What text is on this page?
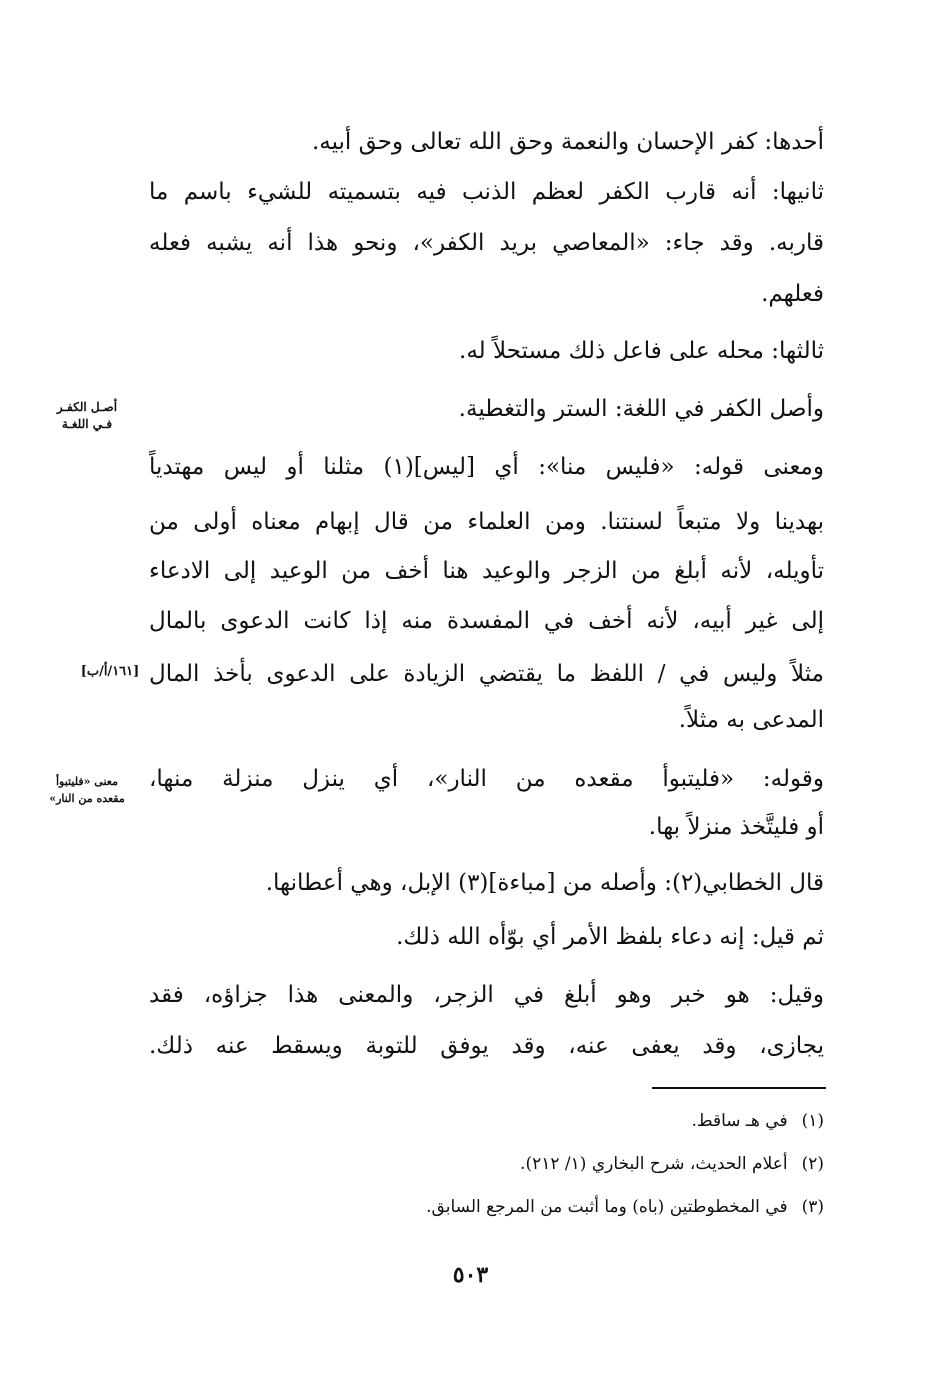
أحدها: كفر الإحسان والنعمة وحق الله تعالى وحق أبيه.
ثانيها: أنه قارب الكفر لعظم الذنب فيه بتسميته للشيء باسم ما
قاربه. وقد جاء: «المعاصي بريد الكفر»، ونحو هذا أنه يشبه فعله
فعلهم.
ثالثها: محله على فاعل ذلك مستحلاً له.
وأصل الكفر في اللغة: الستر والتغطية.
ومعنى قوله: «فليس منا»: أي [ليس](١) مثلنا أو ليس مهتدياً
بهدينا ولا متبعاً لسنتنا. ومن العلماء من قال إبهام معناه أولى من
تأويله، لأنه أبلغ من الزجر والوعيد هنا أخف من الوعيد إلى الادعاء
إلى غير أبيه، لأنه أخف في المفسدة منه إذا كانت الدعوى بالمال
مثلاً وليس في / اللفظ ما يقتضي الزيادة على الدعوى بأخذ المال
المدعى به مثلاً.
وقوله: «فليتبوأ مقعده من النار»، أي ينزل منزلة منها،
أو فليتَّخذ منزلاً بها.
قال الخطابي(٢): وأصله من [مباءة](٣) الإبل، وهي أعطانها.
ثم قيل: إنه دعاء بلفظ الأمر أي بوّأه الله ذلك.
وقيل: هو خبر وهو أبلغ في الزجر، والمعنى هذا جزاؤه، فقد
يجازى، وقد يعفى عنه، وقد يوفق للتوبة ويسقط عنه ذلك.
أصـل الكفـر
فـي اللغـة
[١٦١/أ/ب]
معنى «فليتبوأ
مقعده من النار»
(١)في هـ ساقط.
(٢)أعلام الحديث، شرح البخاري (١/ ٢١٢).
(٣)في المخطوطتين (باه) وما أثبت من المرجع السابق.
٥٠٣
